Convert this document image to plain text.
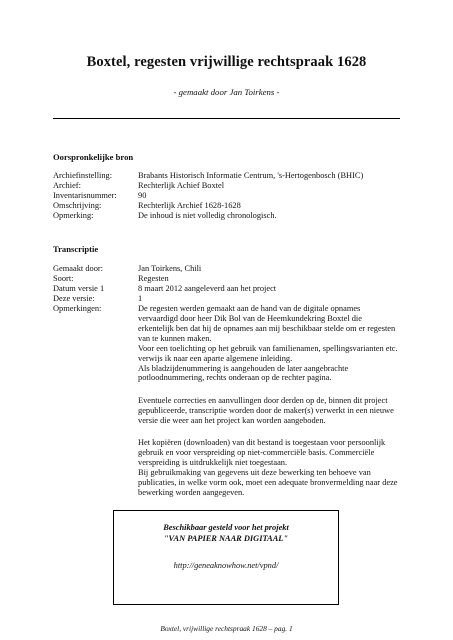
Boxtel, regesten vrijwillige rechtspraak 1628
- gemaakt door Jan Toirkens -
Oorspronkelijke bron
Archiefinstelling:	Brabants Historisch Informatie Centrum, 's-Hertogenbosch (BHIC)
Archief:	Rechterlijk Achief Boxtel
Inventarisnummer:	90
Omschrijving:	Rechterlijk Archief 1628-1628
Opmerking:	De inhoud is niet volledig chronologisch.
Transcriptie
Gemaakt door:	Jan Toirkens, Chili
Soort:	Regesten
Datum versie 1	8 maart 2012 aangeleverd aan het project
Deze versie:	1
Opmerkingen:	De regesten werden gemaakt aan de hand van de digitale opnames
vervaardigd door heer Dik Bol van de Heemkundekring Boxtel die
erkentelijk ben dat hij de opnames aan mij beschikbaar stelde om er regesten
van te kunnen maken.
Voor een toelichting op het gebruik van familienamen, spellingsvarianten etc.
verwijs ik naar een aparte algemene inleiding.
Als bladzijdenummering is aangehouden de later aangebrachte
potloodnummering, rechts onderaan op de rechter pagina.
Eventuele correcties en aanvullingen door derden op de, binnen dit project
gepubliceerde, transcriptie worden door de maker(s) verwerkt in een nieuwe
versie die weer aan het project kan worden aangeboden.
Het kopiëren (downloaden) van dit bestand is toegestaan voor persoonlijk
gebruik en voor verspreiding op niet-commerciële basis. Commerciële
verspreiding is uitdrukkelijk niet toegestaan.
Bij gebruikmaking van gegevens uit deze bewerking ten behoeve van
publicaties, in welke vorm ook, moet een adequate bronvermelding naar deze
bewerking worden aangegeven.
Beschikbaar gesteld voor het projekt
"VAN PAPIER NAAR DIGITAAL"
http://geneaknowhow.net/vpnd/
Boxtel, vrijwillige rechtspraak 1628 – pag. 1
